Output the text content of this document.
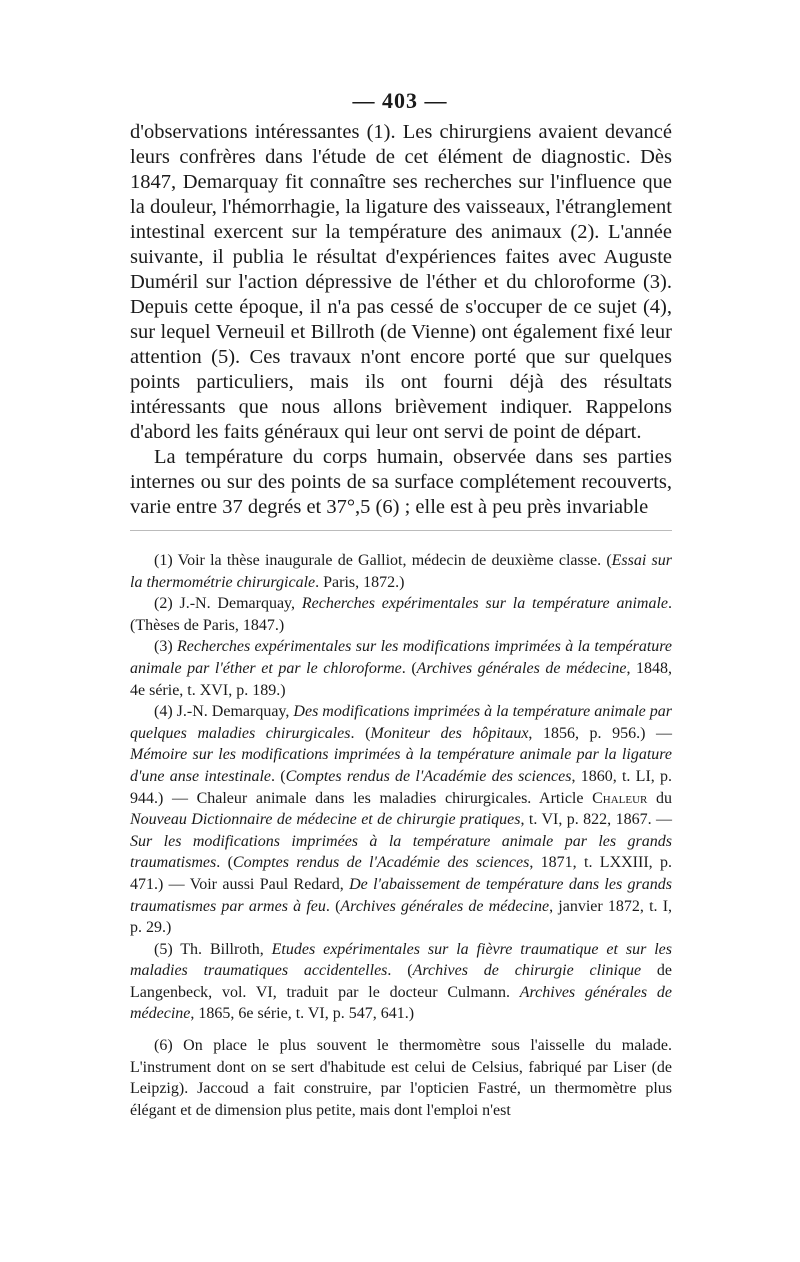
— 403 —

d'observations intéressantes (1). Les chirurgiens avaient devancé leurs confrères dans l'étude de cet élément de diagnostic. Dès 1847, Demarquay fit connaître ses recherches sur l'influence que la douleur, l'hémorrhagie, la ligature des vaisseaux, l'étranglement intestinal exercent sur la température des animaux (2). L'année suivante, il publia le résultat d'expériences faites avec Auguste Duméril sur l'action dépressive de l'éther et du chloroforme (3). Depuis cette époque, il n'a pas cessé de s'occuper de ce sujet (4), sur lequel Verneuil et Billroth (de Vienne) ont également fixé leur attention (5). Ces travaux n'ont encore porté que sur quelques points particuliers, mais ils ont fourni déjà des résultats intéressants que nous allons brièvement indiquer. Rappelons d'abord les faits généraux qui leur ont servi de point de départ.

La température du corps humain, observée dans ses parties internes ou sur des points de sa surface complétement recouverts, varie entre 37 degrés et 37°,5 (6) ; elle est à peu près invariable

(1) Voir la thèse inaugurale de Galliot, médecin de deuxième classe. (Essai sur la thermométrie chirurgicale. Paris, 1872.)

(2) J.-N. Demarquay, Recherches expérimentales sur la température animale. (Thèses de Paris, 1847.)

(3) Recherches expérimentales sur les modifications imprimées à la température animale par l'éther et par le chloroforme. (Archives générales de médecine, 1848, 4e série, t. XVI, p. 189.)

(4) J.-N. Demarquay, Des modifications imprimées à la température animale par quelques maladies chirurgicales. (Moniteur des hôpitaux, 1856, p. 956.) — Mémoire sur les modifications imprimées à la température animale par la ligature d'une anse intestinale. (Comptes rendus de l'Académie des sciences, 1860, t. LI, p. 944.) — Chaleur animale dans les maladies chirurgicales. Article Chaleur du Nouveau Dictionnaire de médecine et de chirurgie pratiques, t. VI, p. 822, 1867. — Sur les modifications imprimées à la température animale par les grands traumatismes. (Comptes rendus de l'Académie des sciences, 1871, t. LXXIII, p. 471.) — Voir aussi Paul Redard, De l'abaissement de température dans les grands traumatismes par armes à feu. (Archives générales de médecine, janvier 1872, t. I, p. 29.)

(5) Th. Billroth, Etudes expérimentales sur la fièvre traumatique et sur les maladies traumatiques accidentelles. (Archives de chirurgie clinique de Langenbeck, vol. VI, traduit par le docteur Culmann. Archives générales de médecine, 1865, 6e série, t. VI, p. 547, 641.)

(6) On place le plus souvent le thermomètre sous l'aisselle du malade. L'instrument dont on se sert d'habitude est celui de Celsius, fabriqué par Liser (de Leipzig). Jaccoud a fait construire, par l'opticien Fastré, un thermomètre plus élégant et de dimension plus petite, mais dont l'emploi n'est
